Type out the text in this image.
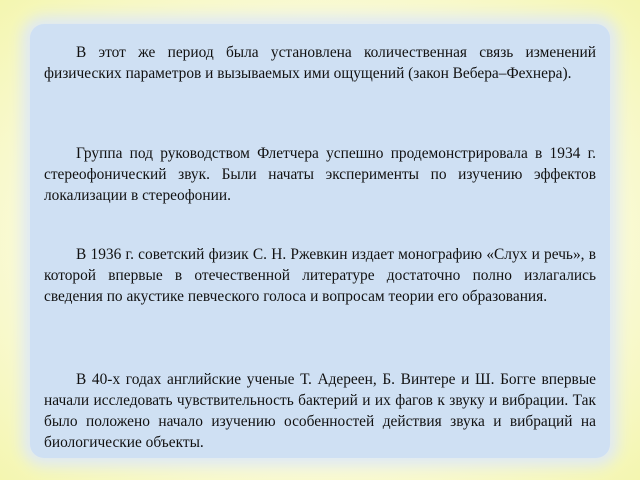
В этот же период была установлена количественная связь изменений физических параметров и вызываемых ими ощущений (закон Вебера–Фехнера).

Группа под руководством Флетчера успешно продемонстрировала в 1934 г. стереофонический звук. Были начаты эксперименты по изучению эффектов локализации в стереофонии.

В 1936 г. советский физик С. Н. Ржевкин издает монографию «Слух и речь», в которой впервые в отечественной литературе достаточно полно излагались сведения по акустике певческого голоса и вопросам теории его образования.

В 40-х годах английские ученые Т. Адереен, Б. Винтере и Ш. Богге впервые начали исследовать чувствительность бактерий и их фагов к звуку и вибрации. Так было положено начало изучению особенностей действия звука и вибраций на биологические объекты.
